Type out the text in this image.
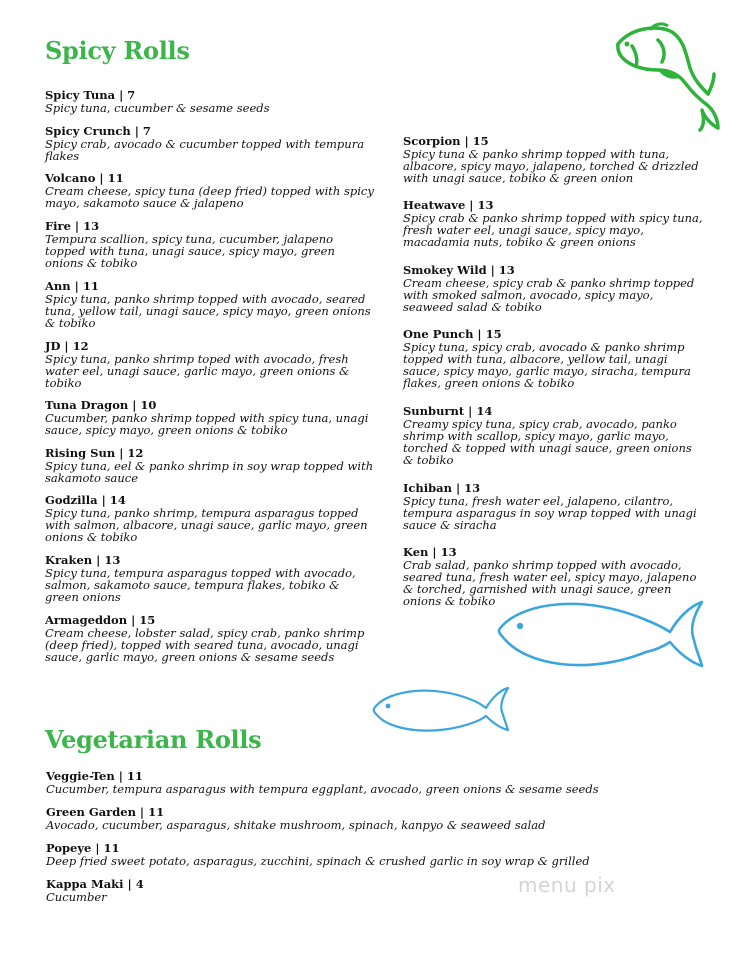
Spicy Rolls
Spicy Tuna | 7
Spicy tuna, cucumber & sesame seeds
Spicy Crunch | 7
Spicy crab, avocado & cucumber topped with tempura flakes
Volcano | 11
Cream cheese, spicy tuna (deep fried) topped with spicy mayo, sakamoto sauce & jalapeno
Fire | 13
Tempura scallion, spicy tuna, cucumber, jalapeno topped with tuna, unagi sauce, spicy mayo, green onions & tobiko
Ann | 11
Spicy tuna, panko shrimp topped with avocado, seared tuna, yellow tail, unagi sauce, spicy mayo, green onions & tobiko
JD | 12
Spicy tuna, panko shrimp toped with avocado, fresh water eel, unagi sauce, garlic mayo, green onions & tobiko
Tuna Dragon | 10
Cucumber, panko shrimp topped with spicy tuna, unagi sauce, spicy mayo, green onions & tobiko
Rising Sun | 12
Spicy tuna, eel & panko shrimp in soy wrap topped with sakamoto sauce
Godzilla | 14
Spicy tuna, panko shrimp, tempura asparagus topped with salmon, albacore, unagi sauce, garlic mayo, green onions & tobiko
Kraken | 13
Spicy tuna, tempura asparagus topped with avocado, salmon, sakamoto sauce, tempura flakes, tobiko & green onions
Armageddon | 15
Cream cheese, lobster salad, spicy crab, panko shrimp (deep fried), topped with seared tuna, avocado, unagi sauce, garlic mayo, green onions & sesame seeds
Scorpion | 15
Spicy tuna & panko shrimp topped with tuna, albacore, spicy mayo, jalapeno, torched & drizzled with unagi sauce, tobiko & green onion
Heatwave | 13
Spicy crab & panko shrimp topped with spicy tuna, fresh water eel, unagi sauce, spicy mayo, macadamia nuts, tobiko & green onions
Smokey Wild | 13
Cream cheese, spicy crab & panko shrimp topped with smoked salmon, avocado, spicy mayo, seaweed salad & tobiko
One Punch | 15
Spicy tuna, spicy crab, avocado & panko shrimp topped with tuna, albacore, yellow tail, unagi sauce, spicy mayo, garlic mayo, siracha, tempura flakes, green onions & tobiko
Sunburnt | 14
Creamy spicy tuna, spicy crab, avocado, panko shrimp with scallop, spicy mayo, garlic mayo, torched & topped with unagi sauce, green onions & tobiko
Ichiban | 13
Spicy tuna, fresh water eel, jalapeno, cilantro, tempura asparagus in soy wrap topped with unagi sauce & siracha
Ken | 13
Crab salad, panko shrimp topped with avocado, seared tuna, fresh water eel, spicy mayo, jalapeno & torched, garnished with unagi sauce, green onions & tobiko
Vegetarian Rolls
Veggie-Ten | 11
Cucumber, tempura asparagus with tempura eggplant, avocado, green onions & sesame seeds
Green Garden | 11
Avocado, cucumber, asparagus, shitake mushroom, spinach, kanpyo & seaweed salad
Popeye | 11
Deep fried sweet potato, asparagus, zucchini, spinach & crushed garlic in soy wrap & grilled
Kappa Maki | 4
Cucumber	menu pix
